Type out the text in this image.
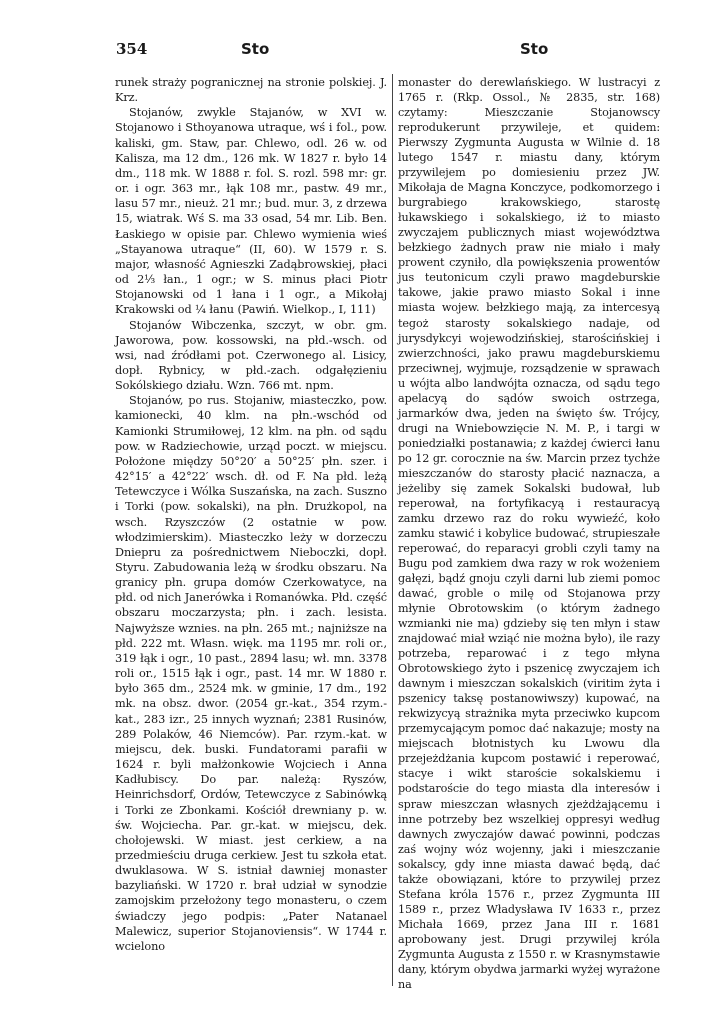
354	Sto	Sto

runek straży pogranicznej na stronie polskiej. J. Krz.

Stojanów, zwykle Stajanów, w XVI w. Stojanowo i Sthoyanowa utraque, wś i fol., pow. kaliski, gm. Staw, par. Chlewo, odl. 26 w. od Kalisza, ma 12 dm., 126 mk. W 1827 r. było 14 dm., 118 mk. W 1888 r. fol. S. rozl. 598 mr: gr. or. i ogr. 363 mr., łąk 108 mr., pastw. 49 mr., lasu 57 mr., nieuż. 21 mr.; bud. mur. 3, z drzewa 15, wiatrak. Wś S. ma 33 osad, 54 mr. Lib. Ben. Łaskiego w opisie par. Chlewo wymienia wieś „Stayanowa utraque“ (II, 60). W 1579 r. S. major, własność Agnieszki Zadąbrowskiej, płaci od 2⅓ łan., 1 ogr.; w S. minus płaci Piotr Stojanowski od 1 łana i 1 ogr., a Mikołaj Krakowski od ¼ łanu (Pawiń. Wielkop., I, 111)

Stojanów Wibczenka, szczyt, w obr. gm. Jaworowa, pow. kossowski, na płd.-wsch. od wsi, nad źródłami pot. Czerwonego al. Lisicy, dopł. Rybnicy, w płd.-zach. odgałęzieniu Sokólskiego działu. Wzn. 766 mt. npm.

Stojanów, po rus. Stojaniw, miasteczko, pow. kamionecki, 40 klm. na płn.-wschód od Kamionki Strumiłowej, 12 klm. na płn. od sądu pow. w Radziechowie, urząd poczt. w miejscu. Położone między 50°20′ a 50°25′ płn. szer. i 42°15′ a 42°22′ wsch. dł. od F. Na płd. leżą Tetewczyce i Wólka Suszańska, na zach. Suszno i Torki (pow. sokalski), na płn. Drużkopol, na wsch. Rzyszczów (2 ostatnie w pow. włodzimierskim). Miasteczko leży w dorzeczu Dniepru za pośrednictwem Nieboczki, dopł. Styru. Zabudowania leżą w środku obszaru. Na granicy płn. grupa domów Czerkowatyce, na płd. od nich Janerówka i Romanówka. Płd. część obszaru moczarzysta; płn. i zach. lesista. Najwyższe wznies. na płn. 265 mt.; najniższe na płd. 222 mt. Własn. więk. ma 1195 mr. roli or., 319 łąk i ogr., 10 past., 2894 lasu; wł. mn. 3378 roli or., 1515 łąk i ogr., past. 14 mr. W 1880 r. było 365 dm., 2524 mk. w gminie, 17 dm., 192 mk. na obsz. dwor. (2054 gr.-kat., 354 rzym.-kat., 283 izr., 25 innych wyznań; 2381 Rusinów, 289 Polaków, 46 Niemców). Par. rzym.-kat. w miejscu, dek. buski. Fundatorami parafii w 1624 r. byli małżonkowie Wojciech i Anna Kadłubiscy. Do par. należą: Ryszów, Heinrichsdorf, Ordów, Tetewczyce z Sabinówką i Torki ze Zbonkami. Kościół drewniany p. w. św. Wojciecha. Par. gr.-kat. w miejscu, dek. chołojewski. W miast. jest cerkiew, a na przedmieściu druga cerkiew. Jest tu szkoła etat. dwuklasowa. W S. istniał dawniej monaster bazyliański. W 1720 r. brał udział w synodzie zamojskim przełożony tego monasteru, o czem świadczy jego podpis: „Pater Natanael Malewicz, superior Stojanoviensis“. W 1744 r. wcielono

monaster do derewlańskiego. W lustracyi z 1765 r. (Rkp. Ossol., № 2835, str. 168) czytamy: Mieszczanie Stojanowscy reprodukerunt przywileje, et quidem: Pierwszy Zygmunta Augusta w Wilnie d. 18 lutego 1547 r. miastu dany, którym przywilejem po domiesieniu przez JW. Mikołaja de Magna Konczyce, podkomorzego i burgrabiego krakowskiego, starostę łukawskiego i sokalskiego, iż to miasto zwyczajem publicznych miast województwa bełzkiego żadnych praw nie miało i mały prowent czyniło, dla powiększenia prowentów jus teutonicum czyli prawo magdeburskie takowe, jakie prawo miasto Sokal i inne miasta wojew. bełzkiego mają, za intercesyą tegoż starosty sokalskiego nadaje, od jurysdykcyi wojewodzińskiej, starościńskiej i zwierzchności, jako prawu magdeburskiemu przeciwnej, wyjmuje, rozsądzenie w sprawach u wójta albo landwójta oznacza, od sądu tego apelacyą do sądów swoich ostrzega, jarmarków dwa, jeden na święto św. Trójcy, drugi na Wniebowzięcie N. M. P., i targi w poniedziałki postanawia; z każdej ćwierci łanu po 12 gr. corocznie na św. Marcin przez tychże mieszczanów do starosty płacić naznacza, a jeżeliby się zamek Sokalski budował, lub reperował, na fortyfikacyą i restauracyą zamku drzewo raz do roku wywieźć, koło zamku stawić i kobylice budować, strupieszałe reperować, do reparacyi grobli czyli tamy na Bugu pod zamkiem dwa razy w rok wożeniem gałęzi, bądź gnoju czyli darni lub ziemi pomoc dawać, groble o milę od Stojanowa przy młynie Obrotowskim (o którym żadnego wzmianki nie ma) gdzieby się ten młyn i staw znajdować miał wziąć nie można było), ile razy potrzeba, reparować i z tego młyna Obrotowskiego żyto i pszenicę zwyczajem ich dawnym i mieszczan sokalskich (viritim żyta i pszenicy taksę postanowiwszy) kupować, na rekwizycyą strażnika myta przeciwko kupcom przemycającym pomoc dać nakazuje; mosty na miejscach błotnistych ku Lwowu dla przejeżdżania kupcom postawić i reperować, stacye i wikt staroście sokalskiemu i podstaroście do tego miasta dla interesów i spraw mieszczan własnych zjeżdżającemu i inne potrzeby bez wszelkiej oppresyi według dawnych zwyczajów dawać powinni, podczas zaś wojny wóz wojenny, jaki i mieszczanie sokalscy, gdy inne miasta dawać będą, dać także obowiązani, które to przywilej przez Stefana króla 1576 r., przez Zygmunta III 1589 r., przez Władysława IV 1633 r., przez Michała 1669, przez Jana III r. 1681 aprobowany jest. Drugi przywilej króla Zygmunta Augusta z 1550 r. w Krasnymstawie dany, którym obydwa jarmarki wyżej wyrażone na
